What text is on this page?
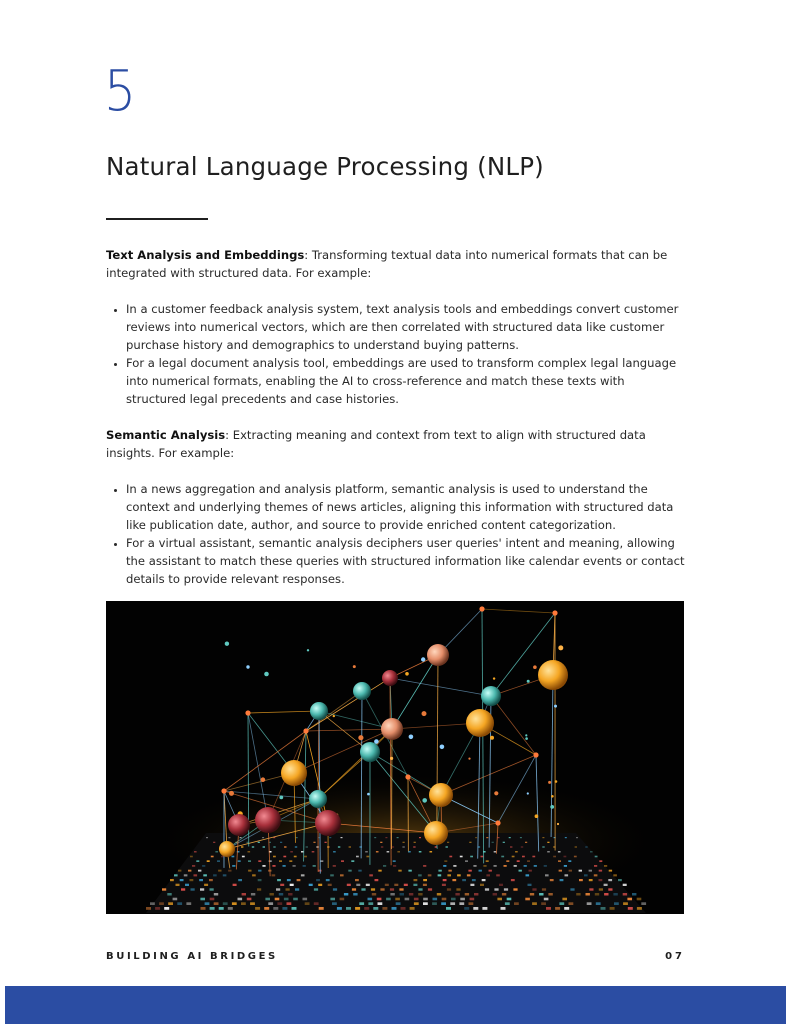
5
Natural Language Processing (NLP)

Text Analysis and Embeddings: Transforming textual data into numerical formats that can be integrated with structured data. For example:

• In a customer feedback analysis system, text analysis tools and embeddings convert customer reviews into numerical vectors, which are then correlated with structured data like customer purchase history and demographics to understand buying patterns.
• For a legal document analysis tool, embeddings are used to transform complex legal language into numerical formats, enabling the AI to cross-reference and match these texts with structured legal precedents and case histories.

Semantic Analysis: Extracting meaning and context from text to align with structured data insights. For example:

• In a news aggregation and analysis platform, semantic analysis is used to understand the context and underlying themes of news articles, aligning this information with structured data like publication date, author, and source to provide enriched content categorization.
• For a virtual assistant, semantic analysis deciphers user queries' intent and meaning, allowing the assistant to match these queries with structured information like calendar events or contact details to provide relevant responses.
BUILDING AI BRIDGES	07
